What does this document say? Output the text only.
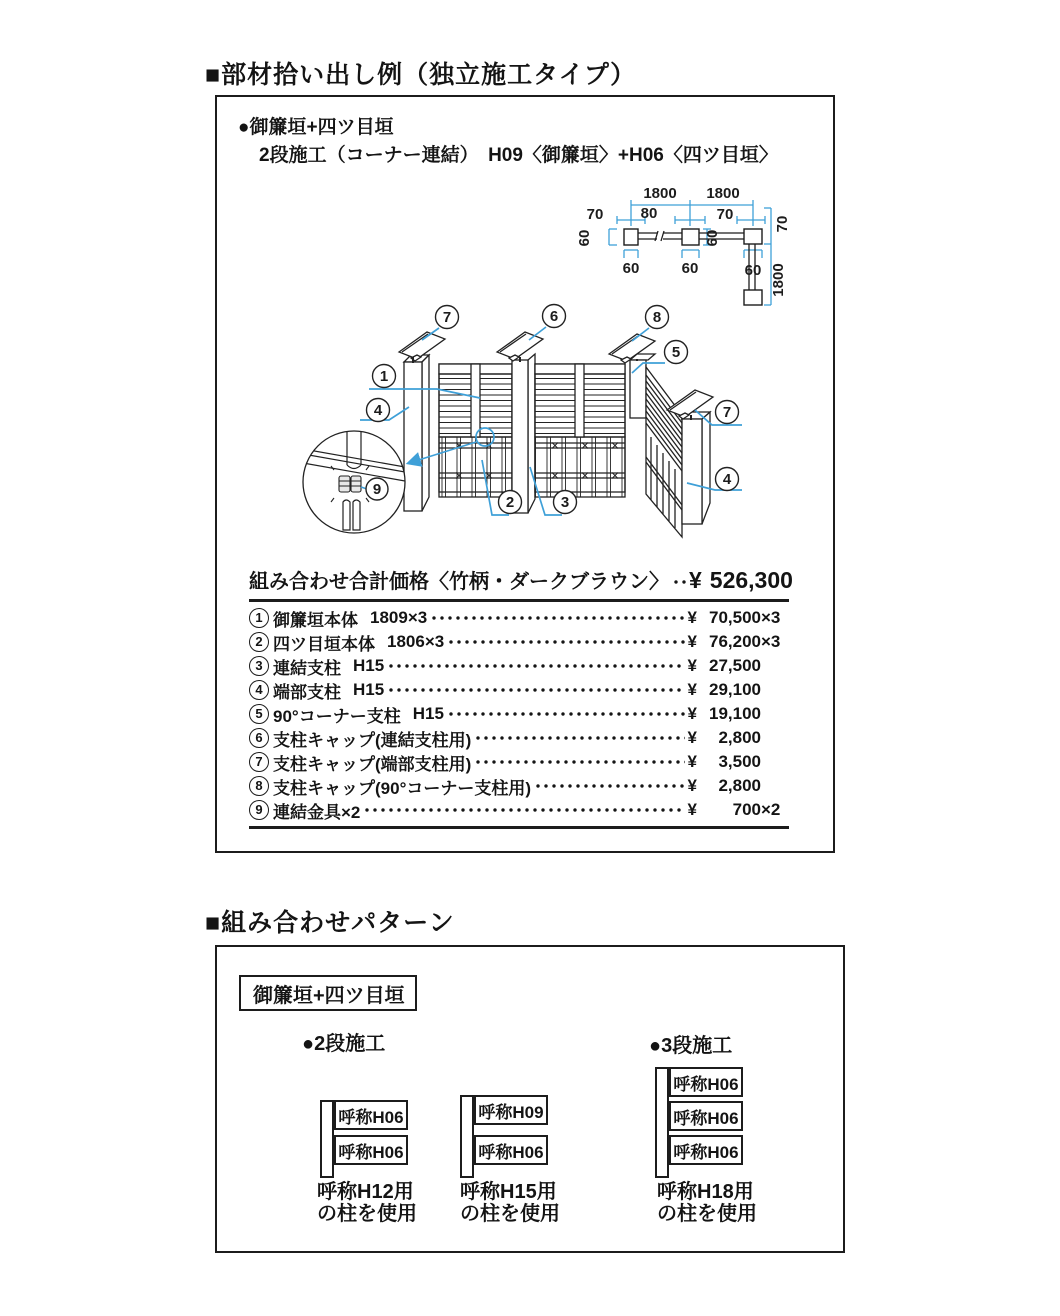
■部材拾い出し例（独立施工タイプ）
●御簾垣+四ツ目垣
2段施工（コーナー連結）　H09〈御簾垣〉+H06〈四ツ目垣〉
1800 1800
70 80	70
60	60
60	60	60
70
1800
7	6	8
5
1
4	7
4
2	3
9
組み合わせ合計価格〈竹柄・ダークブラウン〉 ¥ 526,300
1 御簾垣本体 1809×3	¥ 70,500 ×3
2 四ツ目垣本体 1806×3	¥ 76,200 ×3
3 連結支柱 H15	¥ 27,500
4 端部支柱 H15	¥ 29,100
5 90°コーナー支柱 H15	¥ 19,100
6 支柱キャップ(連結支柱用)	¥	2,800
7 支柱キャップ(端部支柱用)	¥	3,500
8 支柱キャップ(90°コーナー支柱用)	¥	2,800
9 連結金具×2	¥	700 ×2
■組み合わせパターン
御簾垣+四ツ目垣
●2段施工	●3段施工
呼称H06
呼称H06
呼称H12用
の柱を使用
呼称H09
呼称H06
呼称H15用
の柱を使用
呼称H06
呼称H06
呼称H06
呼称H18用
の柱を使用
